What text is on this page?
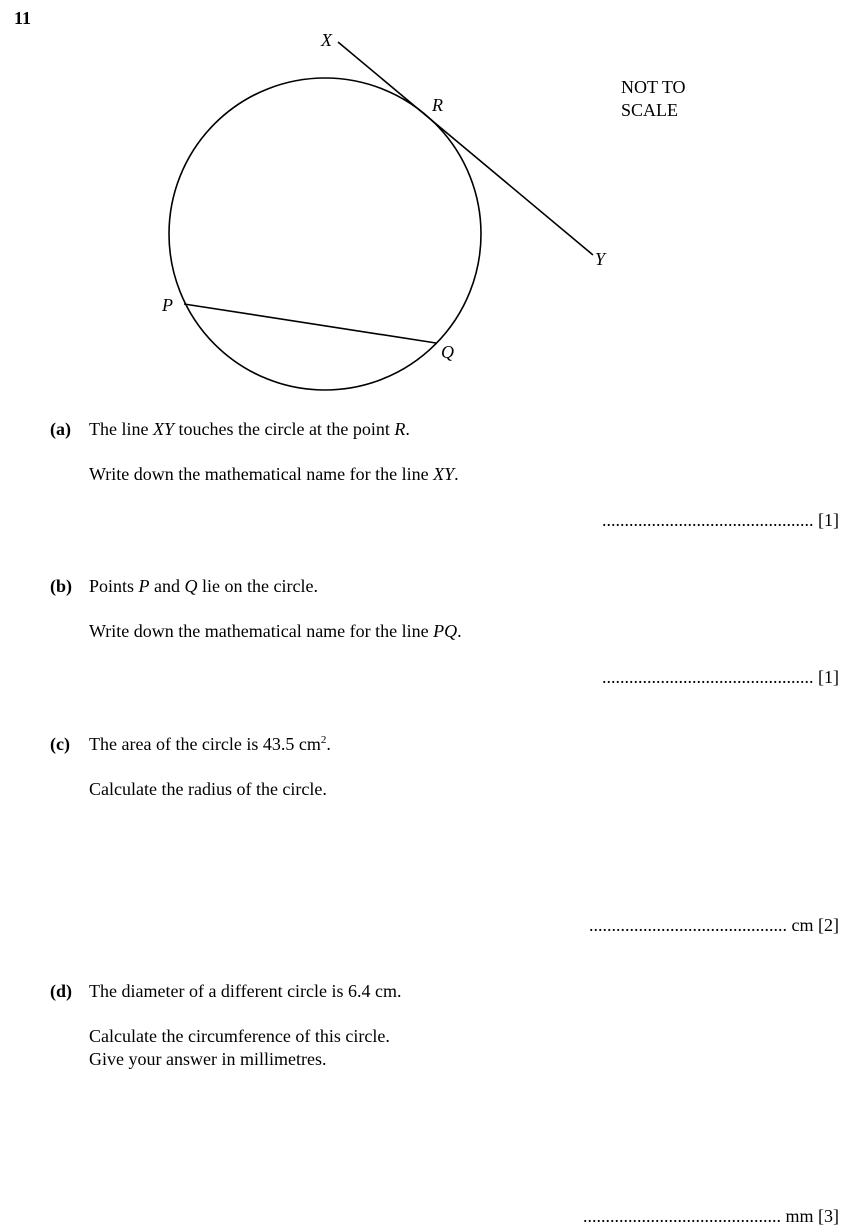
11
X
R
Y
P
Q
NOT TO
SCALE
(a) The line XY touches the circle at the point R.
Write down the mathematical name for the line XY.
............................................... [1]
(b) Points P and Q lie on the circle.
Write down the mathematical name for the line PQ.
............................................... [1]
(c) The area of the circle is 43.5 $cm^2$.
Calculate the radius of the circle.
............................................ cm [2]
(d) The diameter of a different circle is 6.4 cm.
Calculate the circumference of this circle.
Give your answer in millimetres.
............................................ mm [3]
